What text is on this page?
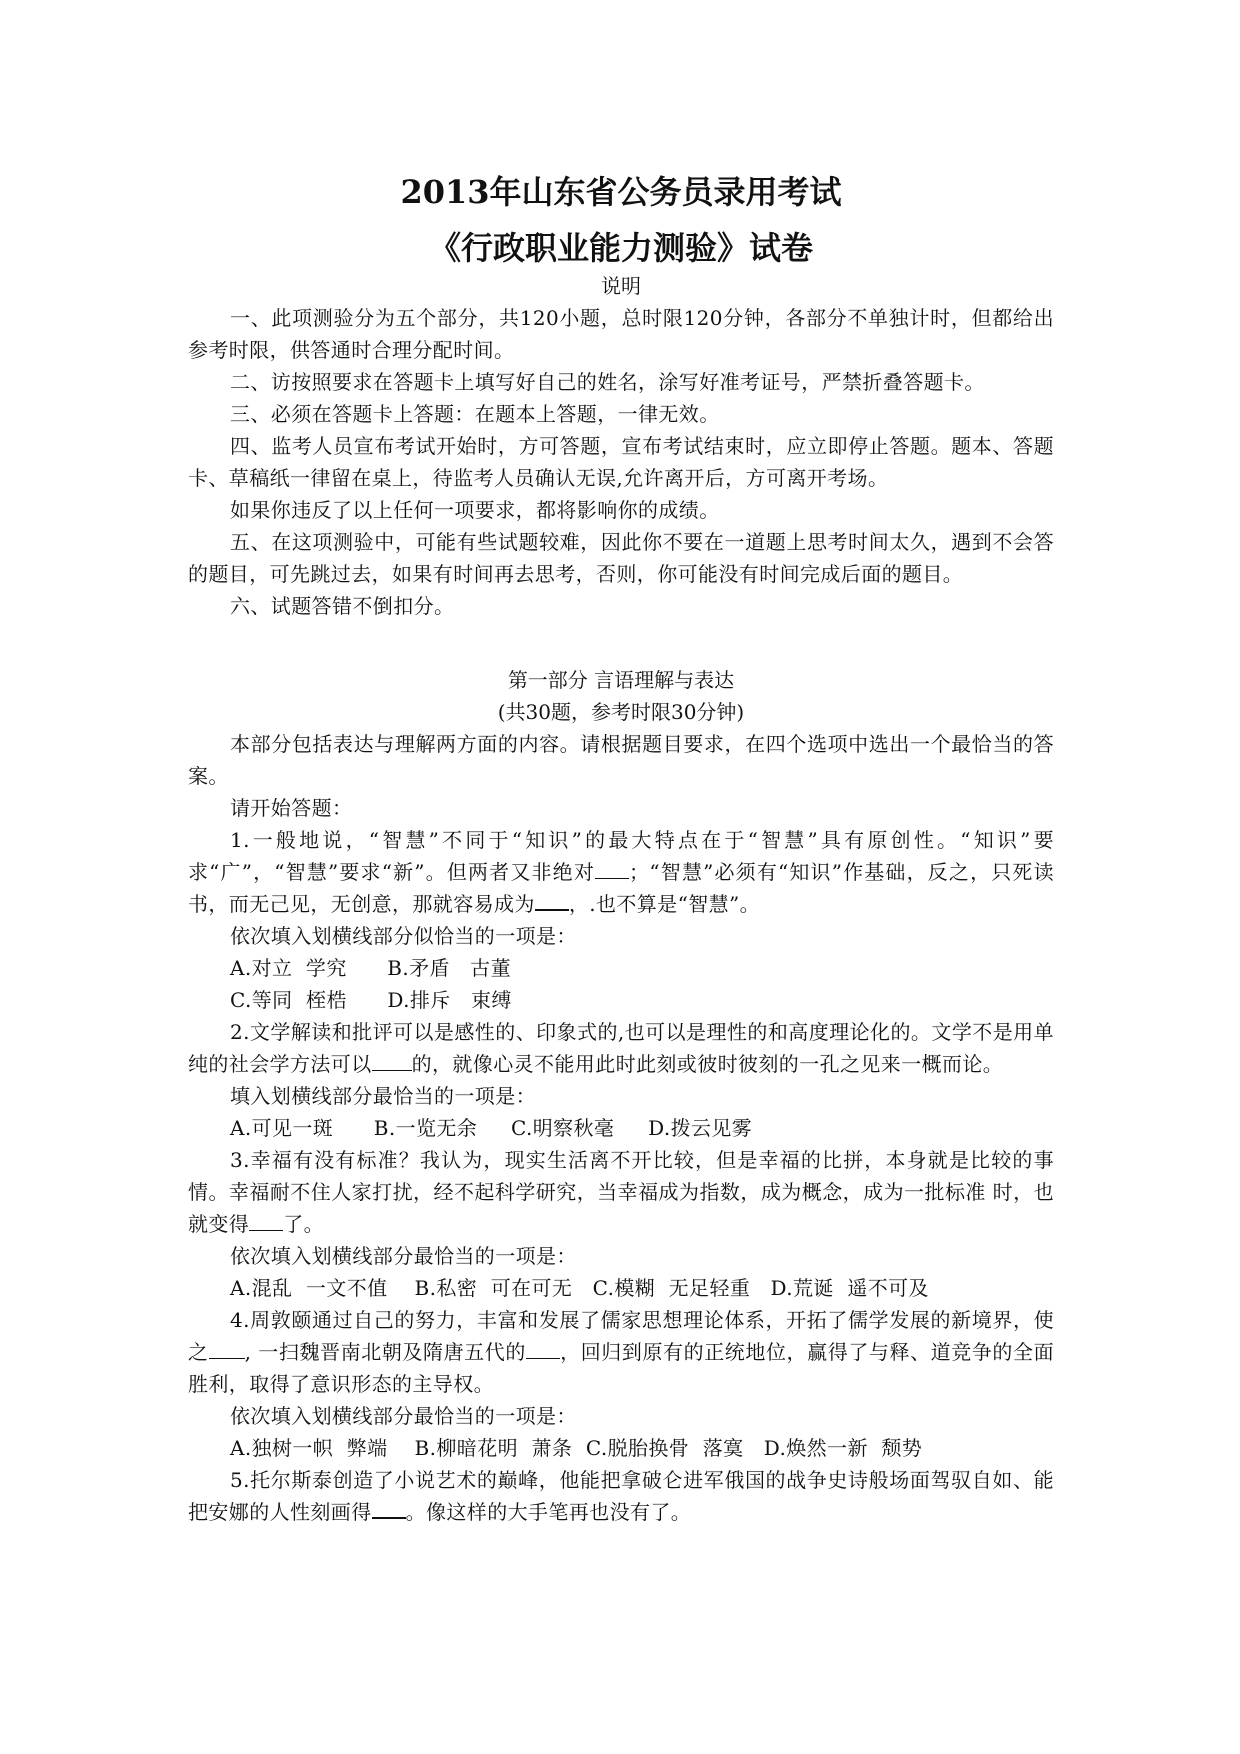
2013年山东省公务员录用考试
《行政职业能力测验》试卷

说明

一、此项测验分为五个部分，共120小题，总时限120分钟，各部分不单独计时，但都给出参考时限，供答通时合理分配时间。

二、访按照要求在答题卡上填写好自己的姓名，涂写好准考证号，严禁折叠答题卡。

三、必须在答题卡上答题：在题本上答题，一律无效。

四、监考人员宣布考试开始时，方可答题，宣布考试结束时，应立即停止答题。题本、答题卡、草稿纸一律留在桌上，待监考人员确认无误,允许离开后，方可离开考场。

如果你违反了以上任何一项要求，都将影响你的成绩。

五、在这项测验中，可能有些试题较难，因此你不要在一道题上思考时间太久，遇到不会答的题目，可先跳过去，如果有时间再去思考，否则，你可能没有时间完成后面的题目。

六、试题答错不倒扣分。

第一部分 言语理解与表达

(共30题，参考时限30分钟)

本部分包括表达与理解两方面的内容。请根据题目要求，在四个选项中选出一个最恰当的答案。

请开始答题：

1.一般地说，“智慧”不同于“知识”的最大特点在于“智慧”具有原创性。“知识”要求“广”，“智慧”要求“新”。但两者又非绝对 ；“智慧”必须有“知识”作基础，反之，只死读书，而无己见，无创意，那就容易成为 ，.也不算是“智慧”。

依次填入划横线部分似恰当的一项是：

A.对立  学究      B.矛盾   古董

C.等同  桎梏      D.排斥   束缚

2.文学解读和批评可以是感性的、印象式的,也可以是理性的和高度理论化的。文学不是用单纯的社会学方法可以 的，就像心灵不能用此时此刻或彼时彼刻的一孔之见来一概而论。

填入划横线部分最恰当的一项是：

A.可见一斑      B.一览无余     C.明察秋毫     D.拨云见雾

3.幸福有没有标准？我认为，现实生活离不开比较，但是幸福的比拼，本身就是比较的事情。幸福耐不住人家打扰，经不起科学研究，当幸福成为指数，成为概念，成为一批标准 时，也就变得 了。

依次填入划横线部分最恰当的一项是：

A.混乱  一文不值    B.私密  可在可无   C.模糊  无足轻重   D.荒诞  遥不可及

4.周敦颐通过自己的努力，丰富和发展了儒家思想理论体系，开拓了儒学发展的新境界，使之 , 一扫魏晋南北朝及隋唐五代的 ，回归到原有的正统地位，赢得了与释、道竞争的全面胜利，取得了意识形态的主导权。

依次填入划横线部分最恰当的一项是：

A.独树一帜  弊端    B.柳暗花明  萧条  C.脱胎换骨  落寞   D.焕然一新  颓势

5.托尔斯泰创造了小说艺术的巅峰，他能把拿破仑进军俄国的战争史诗般场面驾驭自如、能把安娜的人性刻画得 。像这样的大手笔再也没有了。
